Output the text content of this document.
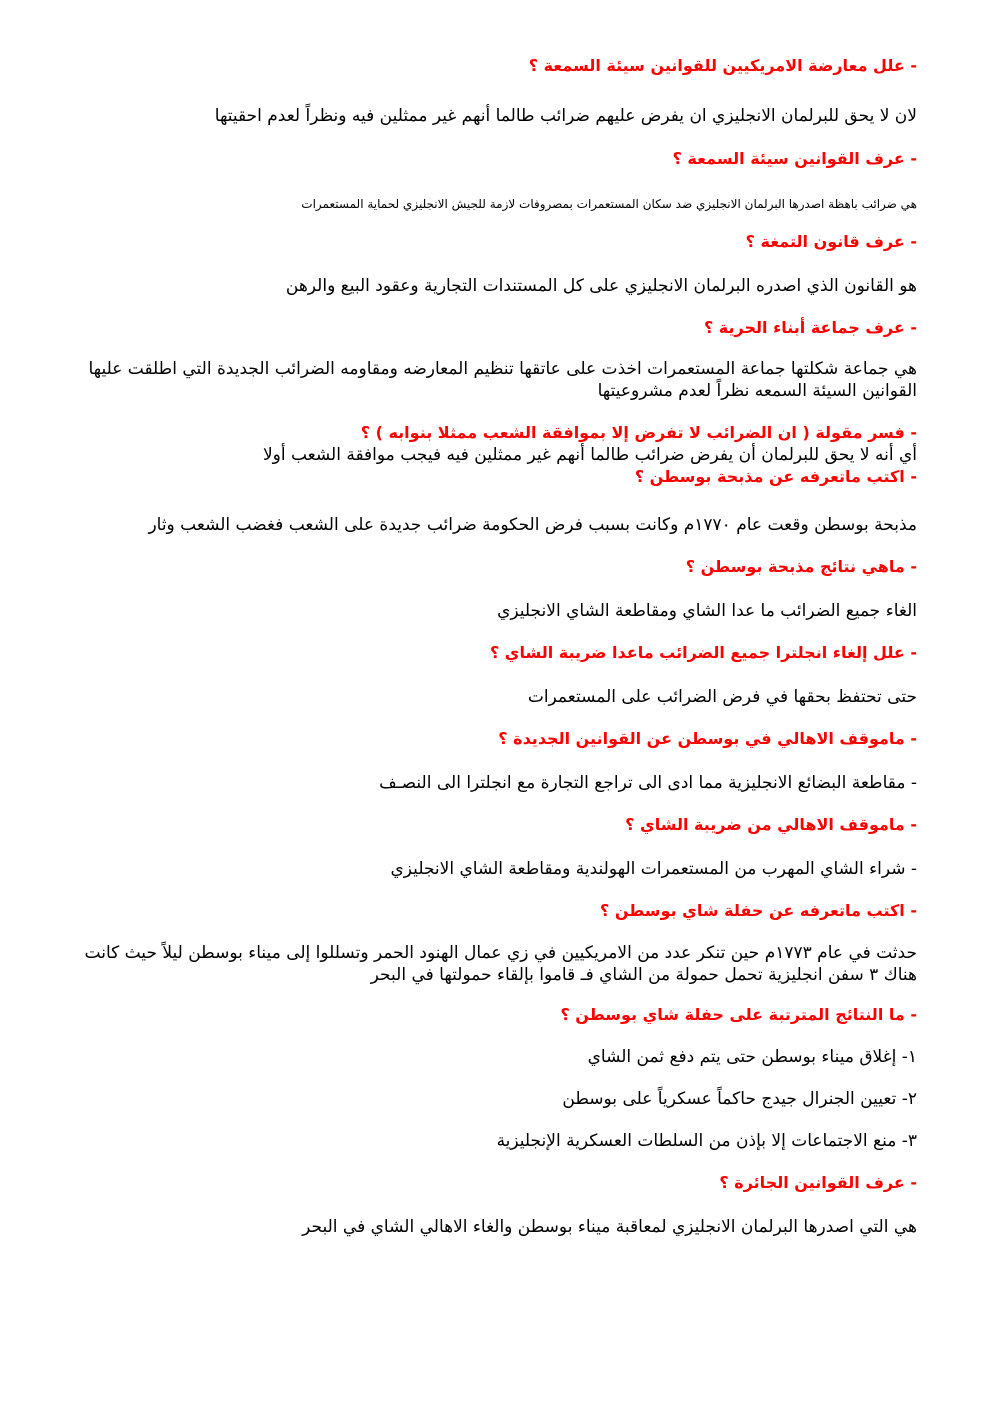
- علل معارضة الامريكيين للقوانين سيئة السمعة ؟
لان لا يحق للبرلمان الانجليزي ان يفرض عليهم ضرائب طالما أنهم غير ممثلين فيه ونظراً لعدم احقيتها
- عرف القوانين سيئة السمعة ؟
هي ضرائب باهظة اصدرها البرلمان الانجليزي ضد سكان المستعمرات بمصروفات لازمة للجيش الانجليزي لحماية المستعمرات
- عرف قانون التمغة ؟
هو القانون الذي اصدره البرلمان الانجليزي على كل المستندات التجارية وعقود البيع والرهن
- عرف جماعة أبناء الحرية ؟
هي جماعة شكلتها جماعة المستعمرات اخذت على عاتقها تنظيم المعارضه ومقاومه الضرائب الجديدة التي اطلقت عليها القوانين السيئة السمعه نظراً لعدم مشروعيتها
- فسر مقولة ( ان الضرائب لا تفرض إلا بموافقة الشعب ممثلا بنوابه ) ؟
أي أنه لا يحق للبرلمان أن يفرض ضرائب طالما أنهم غير ممثلين فيه فيجب موافقة الشعب أولا
- اكتب ماتعرفه عن مذبحة بوسطن ؟
مذبحة بوسطن وقعت عام ١٧٧٠م وكانت بسبب فرض الحكومة ضرائب جديدة على الشعب فغضب الشعب وثار
- ماهي نتائج مذبحة بوسطن ؟
الغاء جميع الضرائب ما عدا الشاي ومقاطعة الشاي الانجليزي
- علل إلغاء انجلترا جميع الضرائب ماعدا ضريبة الشاي ؟
حتى تحتفظ بحقها في فرض الضرائب على المستعمرات
- ماموقف الاهالي في بوسطن عن القوانين الجديدة ؟
- مقاطعة البضائع الانجليزية مما ادى الى تراجع التجارة مع انجلترا الى النصـف
- ماموقف الاهالي من ضريبة الشاي ؟
- شراء الشاي المهرب من المستعمرات الهولندية ومقاطعة الشاي الانجليزي
- اكتب ماتعرفه عن حفلة شاي بوسطن ؟
حدثت في عام ١٧٧٣م حين تنكر عدد من الامريكيين في زي عمال الهنود الحمر وتسللوا إلى ميناء بوسطن ليلاً حيث كانت هناك ٣ سفن انجليزية تحمل حمولة من الشاي فـ قاموا بإلقاء حمولتها في البحر
- ما النتائج المترتبة على حفلة شاي بوسطن ؟
١- إغلاق ميناء بوسطن حتى يتم دفع ثمن الشاي
٢- تعيين الجنرال جيدج حاكماً عسكرياً على بوسطن
٣- منع الاجتماعات إلا بإذن من السلطات العسكرية الإنجليزية
- عرف القوانين الجائرة ؟
هي التي اصدرها البرلمان الانجليزي لمعاقبة ميناء بوسطن والغاء الاهالي الشاي في البحر
